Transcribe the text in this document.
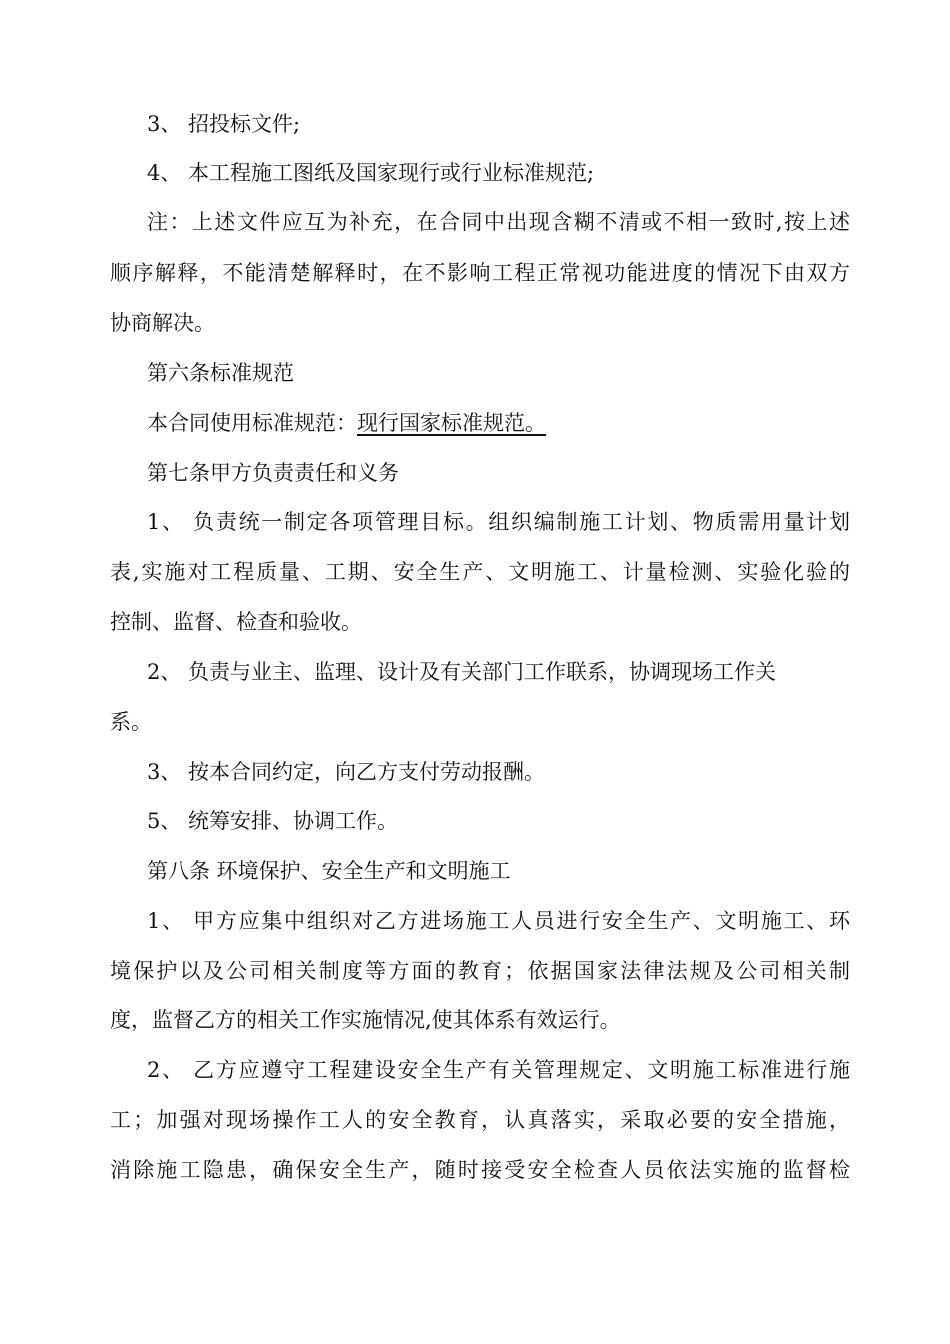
3、 招投标文件;
4、 本工程施工图纸及国家现行或行业标准规范;
注：上述文件应互为补充，在合同中出现含糊不清或不相一致时,按上述
顺序解释，不能清楚解释时，在不影响工程正常视功能进度的情况下由双方
协商解决。
第六条标准规范
本合同使用标准规范：现行国家标准规范。
第七条甲方负责责任和义务
1、 负责统一制定各项管理目标。组织编制施工计划、物质需用量计划
表,实施对工程质量、工期、安全生产、文明施工、计量检测、实验化验的
控制、监督、检查和验收。
2、 负责与业主、监理、设计及有关部门工作联系，协调现场工作关
系。
3、 按本合同约定，向乙方支付劳动报酬。
5、 统筹安排、协调工作。
第八条 环境保护、安全生产和文明施工
1、 甲方应集中组织对乙方进场施工人员进行安全生产、文明施工、环
境保护以及公司相关制度等方面的教育；依据国家法律法规及公司相关制
度，监督乙方的相关工作实施情况,使其体系有效运行。
2、 乙方应遵守工程建设安全生产有关管理规定、文明施工标准进行施
工；加强对现场操作工人的安全教育，认真落实，采取必要的安全措施，
消除施工隐患，确保安全生产，随时接受安全检查人员依法实施的监督检
